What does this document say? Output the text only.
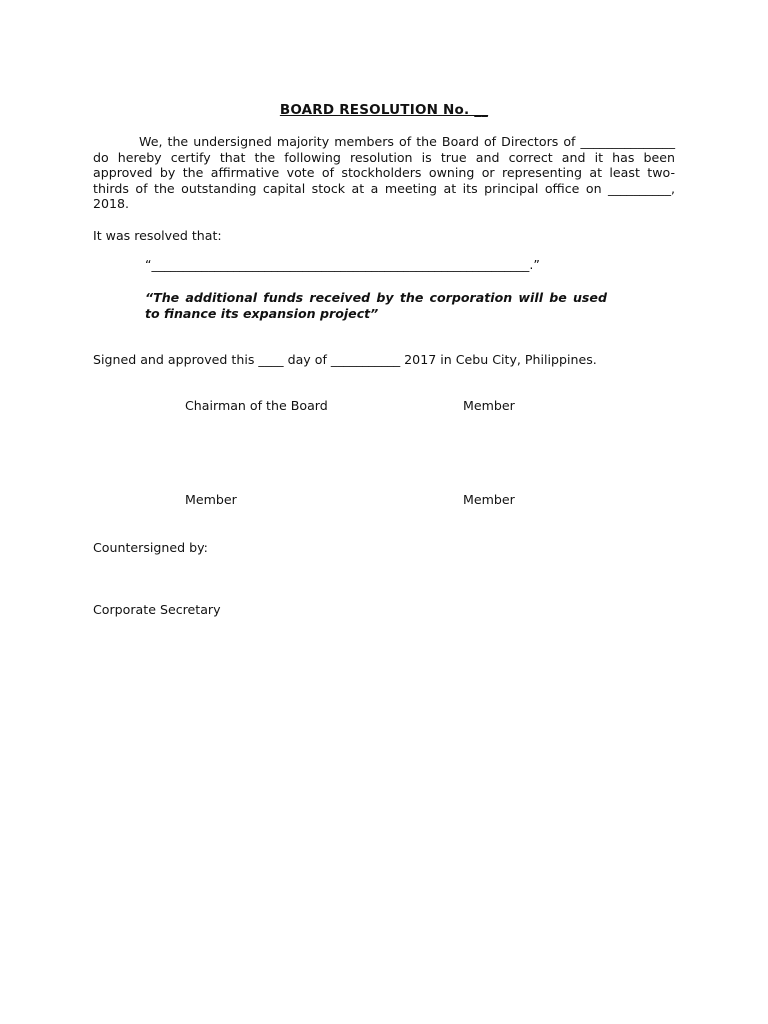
BOARD RESOLUTION No. __
We, the undersigned majority members of the Board of Directors of _______________ do hereby certify that the following resolution is true and correct and it has been approved by the affirmative vote of stockholders owning or representing at least two-thirds of the outstanding capital stock at a meeting at its principal office on __________, 2018.
It was resolved that:
“____________________________________________________________.”
“The additional funds received by the corporation will be used to finance its expansion project”
Signed and approved this ____ day of ___________ 2017 in Cebu City, Philippines.
Chairman of the Board	Member
Member	Member
Countersigned by:
Corporate Secretary
